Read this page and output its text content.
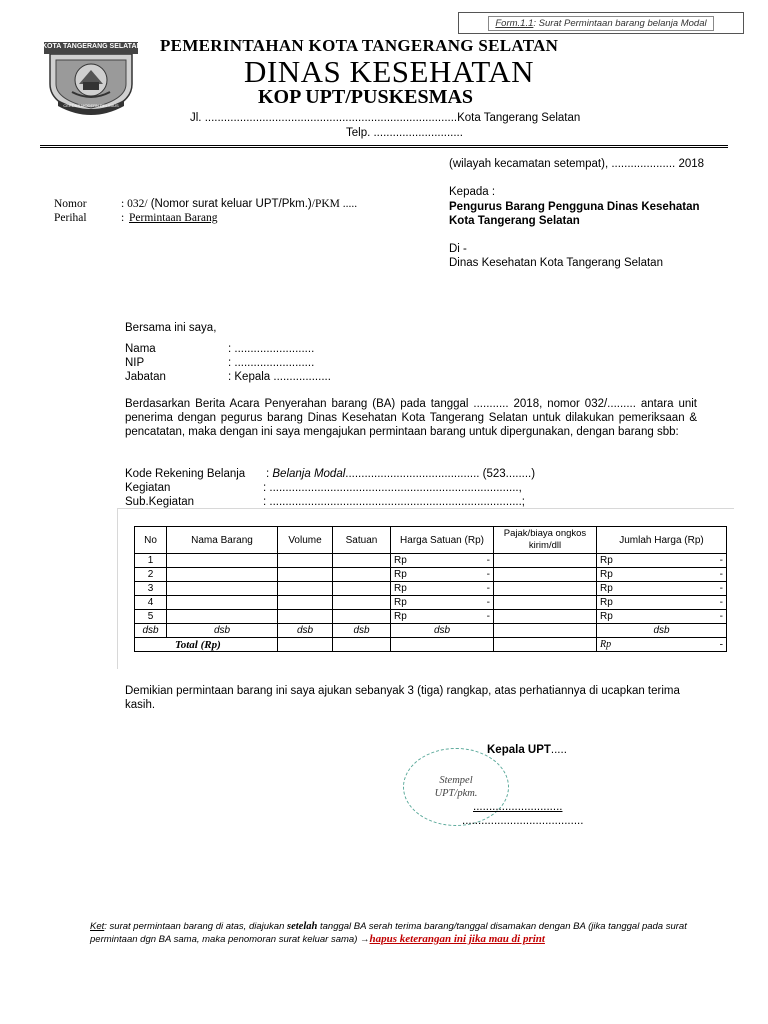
Form.1.1: Surat Permintaan barang belanja Modal
KOTA TANGERANG SELATAN
CERDAS MODERN RELIGIUS
PEMERINTAHAN KOTA TANGERANG SELATAN
DINAS KESEHATAN
KOP UPT/PUSKESMAS
Jl. ...............................................................................Kota Tangerang Selatan
Telp. ............................
(wilayah kecamatan setempat), .................... 2018
Kepada :
Pengurus Barang Pengguna Dinas Kesehatan
Kota Tangerang Selatan
Di -
Dinas Kesehatan Kota Tangerang Selatan
Nomor	: 032/ (Nomor surat keluar UPT/Pkm.)/PKM .....
Perihal	: Permintaan Barang
Bersama ini saya,
Nama	: .........................
NIP	: .........................
Jabatan	: Kepala ..................
Berdasarkan Berita Acara Penyerahan barang (BA) pada tanggal ........... 2018, nomor 032/......... antara unit penerima dengan pegurus barang Dinas Kesehatan Kota Tangerang Selatan untuk dilakukan pemeriksaan & pencatatan, maka dengan ini saya mengajukan permintaan barang untuk dipergunakan, dengan barang sbb:
Kode Rekening Belanja : Belanja Modal.......................................... (523........)
Kegiatan	: ..............................................................................,
Sub.Kegiatan	: ...............................................................................;
No	Nama Barang	Volume	Satuan	Harga Satuan (Rp)	Pajak/biaya ongkos kirim/dll	Jumlah Harga (Rp)
1				Rp -		Rp -

2				Rp -		Rp -

3				Rp -		Rp -

4				Rp -		Rp -

5				Rp -		Rp -

dsb	dsb	dsb	dsb	dsb		dsb
Total (Rp)						Rp -
Demikian permintaan barang ini saya ajukan sebanyak 3 (tiga) rangkap, atas perhatiannya di ucapkan terima kasih.
Kepala UPT.....
Stempel
UPT/pkm.
............................
......................................
Ket: surat permintaan barang di atas, diajukan setelah tanggal BA serah terima barang/tanggal disamakan dengan BA (jika tanggal pada surat permintaan dgn BA sama, maka penomoran surat keluar sama) →hapus keterangan ini jika mau di print
